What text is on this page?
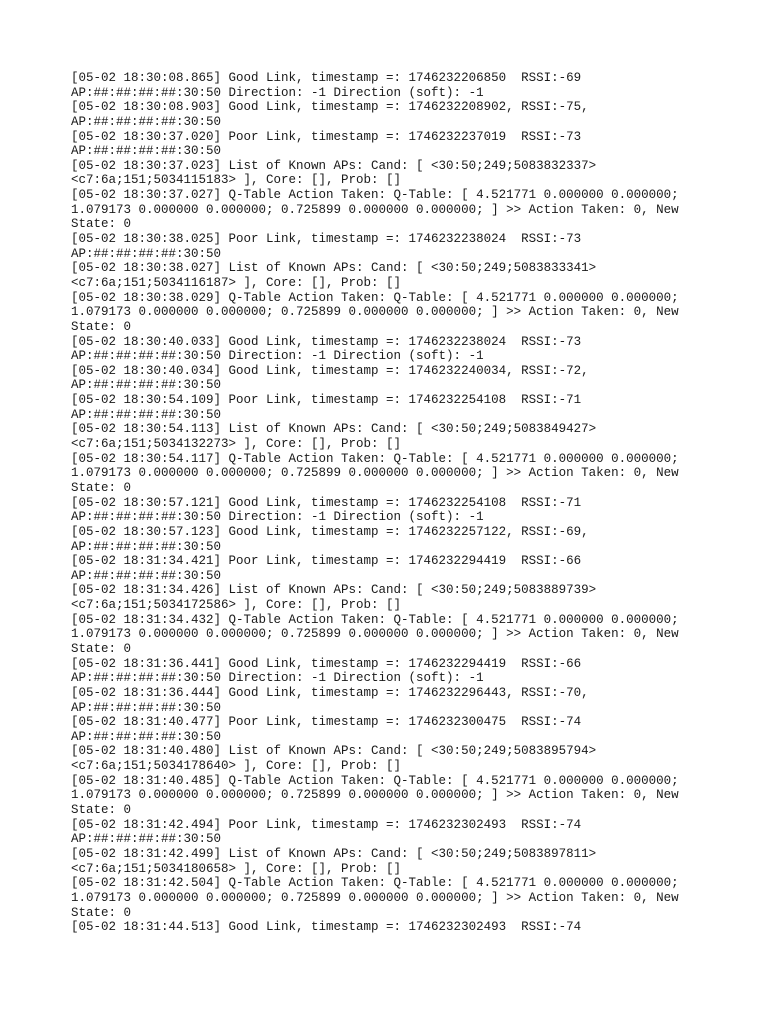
[05-02 18:30:08.865] Good Link, timestamp =: 1746232206850  RSSI:-69
AP:##:##:##:##:30:50 Direction: -1 Direction (soft): -1
[05-02 18:30:08.903] Good Link, timestamp =: 1746232208902, RSSI:-75,
AP:##:##:##:##:30:50
[05-02 18:30:37.020] Poor Link, timestamp =: 1746232237019  RSSI:-73
AP:##:##:##:##:30:50
[05-02 18:30:37.023] List of Known APs: Cand: [ <30:50;249;5083832337>
<c7:6a;151;5034115183> ], Core: [], Prob: []
[05-02 18:30:37.027] Q-Table Action Taken: Q-Table: [ 4.521771 0.000000 0.000000;
1.079173 0.000000 0.000000; 0.725899 0.000000 0.000000; ] >> Action Taken: 0, New
State: 0
[05-02 18:30:38.025] Poor Link, timestamp =: 1746232238024  RSSI:-73
AP:##:##:##:##:30:50
[05-02 18:30:38.027] List of Known APs: Cand: [ <30:50;249;5083833341>
<c7:6a;151;5034116187> ], Core: [], Prob: []
[05-02 18:30:38.029] Q-Table Action Taken: Q-Table: [ 4.521771 0.000000 0.000000;
1.079173 0.000000 0.000000; 0.725899 0.000000 0.000000; ] >> Action Taken: 0, New
State: 0
[05-02 18:30:40.033] Good Link, timestamp =: 1746232238024  RSSI:-73
AP:##:##:##:##:30:50 Direction: -1 Direction (soft): -1
[05-02 18:30:40.034] Good Link, timestamp =: 1746232240034, RSSI:-72,
AP:##:##:##:##:30:50
[05-02 18:30:54.109] Poor Link, timestamp =: 1746232254108  RSSI:-71
AP:##:##:##:##:30:50
[05-02 18:30:54.113] List of Known APs: Cand: [ <30:50;249;5083849427>
<c7:6a;151;5034132273> ], Core: [], Prob: []
[05-02 18:30:54.117] Q-Table Action Taken: Q-Table: [ 4.521771 0.000000 0.000000;
1.079173 0.000000 0.000000; 0.725899 0.000000 0.000000; ] >> Action Taken: 0, New
State: 0
[05-02 18:30:57.121] Good Link, timestamp =: 1746232254108  RSSI:-71
AP:##:##:##:##:30:50 Direction: -1 Direction (soft): -1
[05-02 18:30:57.123] Good Link, timestamp =: 1746232257122, RSSI:-69,
AP:##:##:##:##:30:50
[05-02 18:31:34.421] Poor Link, timestamp =: 1746232294419  RSSI:-66
AP:##:##:##:##:30:50
[05-02 18:31:34.426] List of Known APs: Cand: [ <30:50;249;5083889739>
<c7:6a;151;5034172586> ], Core: [], Prob: []
[05-02 18:31:34.432] Q-Table Action Taken: Q-Table: [ 4.521771 0.000000 0.000000;
1.079173 0.000000 0.000000; 0.725899 0.000000 0.000000; ] >> Action Taken: 0, New
State: 0
[05-02 18:31:36.441] Good Link, timestamp =: 1746232294419  RSSI:-66
AP:##:##:##:##:30:50 Direction: -1 Direction (soft): -1
[05-02 18:31:36.444] Good Link, timestamp =: 1746232296443, RSSI:-70,
AP:##:##:##:##:30:50
[05-02 18:31:40.477] Poor Link, timestamp =: 1746232300475  RSSI:-74
AP:##:##:##:##:30:50
[05-02 18:31:40.480] List of Known APs: Cand: [ <30:50;249;5083895794>
<c7:6a;151;5034178640> ], Core: [], Prob: []
[05-02 18:31:40.485] Q-Table Action Taken: Q-Table: [ 4.521771 0.000000 0.000000;
1.079173 0.000000 0.000000; 0.725899 0.000000 0.000000; ] >> Action Taken: 0, New
State: 0
[05-02 18:31:42.494] Poor Link, timestamp =: 1746232302493  RSSI:-74
AP:##:##:##:##:30:50
[05-02 18:31:42.499] List of Known APs: Cand: [ <30:50;249;5083897811>
<c7:6a;151;5034180658> ], Core: [], Prob: []
[05-02 18:31:42.504] Q-Table Action Taken: Q-Table: [ 4.521771 0.000000 0.000000;
1.079173 0.000000 0.000000; 0.725899 0.000000 0.000000; ] >> Action Taken: 0, New
State: 0
[05-02 18:31:44.513] Good Link, timestamp =: 1746232302493  RSSI:-74
